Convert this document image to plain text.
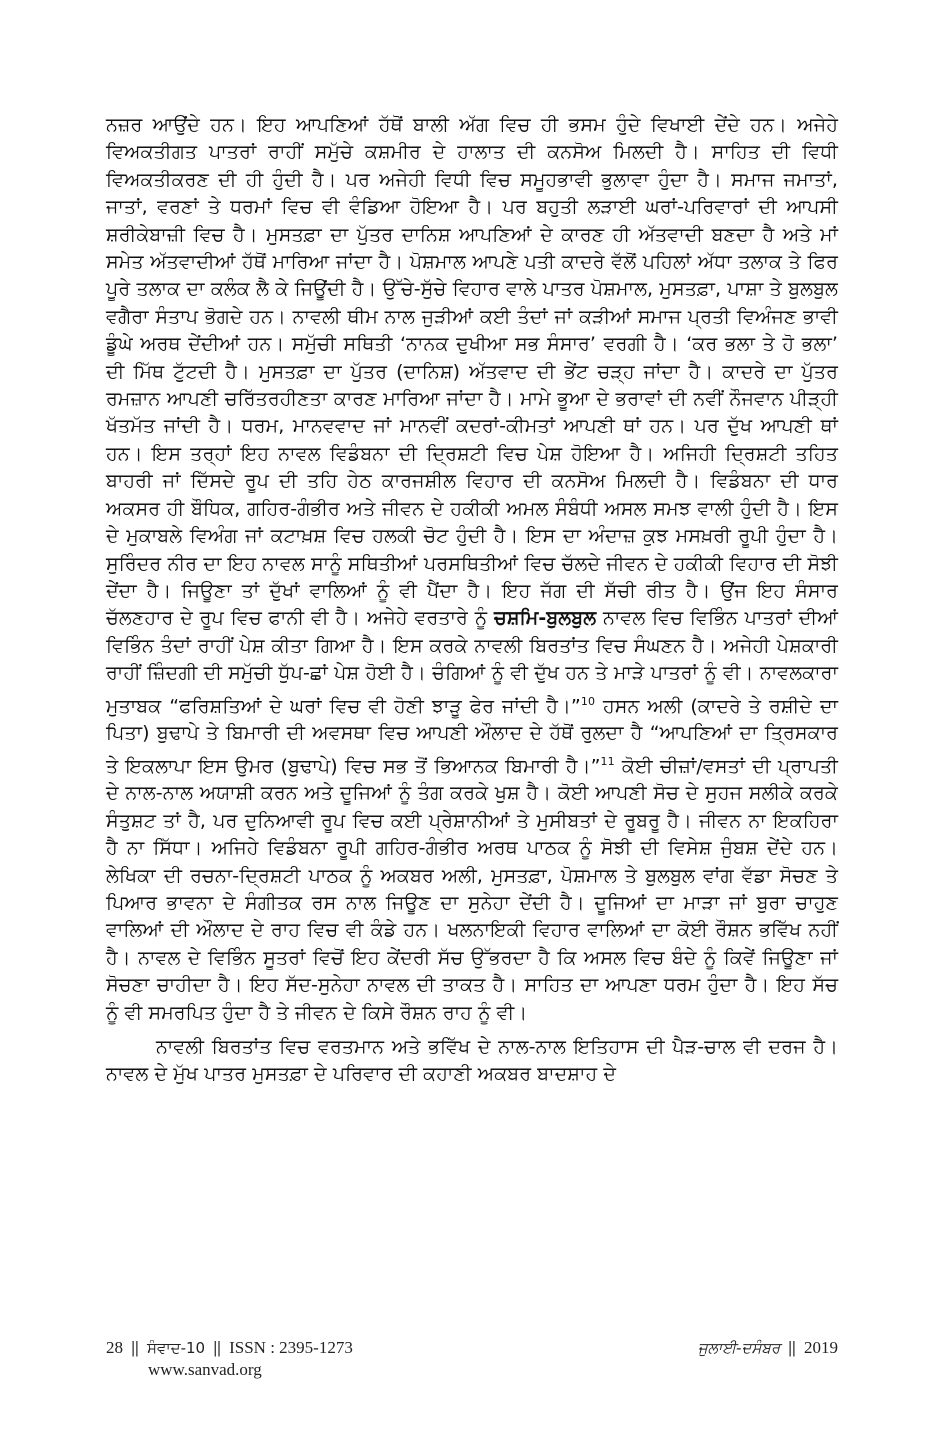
ਨਜ਼ਰ ਆਉਂਦੇ ਹਨ। ਇਹ ਆਪਣਿਆਂ ਹੱਥੋਂ ਬਾਲੀ ਅੱਗ ਵਿਚ ਹੀ ਭਸਮ ਹੁੰਦੇ ਵਿਖਾਈ ਦੇਂਦੇ ਹਨ। ਅਜੇਹੇ ਵਿਅਕਤੀਗਤ ਪਾਤਰਾਂ ਰਾਹੀਂ ਸਮੁੱਚੇ ਕਸ਼ਮੀਰ ਦੇ ਹਾਲਾਤ ਦੀ ਕਨਸੋਅ ਮਿਲਦੀ ਹੈ। ਸਾਹਿਤ ਦੀ ਵਿਧੀ ਵਿਅਕਤੀਕਰਣ ਦੀ ਹੀ ਹੁੰਦੀ ਹੈ। ਪਰ ਅਜੇਹੀ ਵਿਧੀ ਵਿਚ ਸਮੂਹਭਾਵੀ ਭੁਲਾਵਾ ਹੁੰਦਾ ਹੈ। ਸਮਾਜ ਜਮਾਤਾਂ, ਜਾਤਾਂ, ਵਰਣਾਂ ਤੇ ਧਰਮਾਂ ਵਿਚ ਵੀ ਵੰਡਿਆ ਹੋਇਆ ਹੈ। ਪਰ ਬਹੁਤੀ ਲੜਾਈ ਘਰਾਂ-ਪਰਿਵਾਰਾਂ ਦੀ ਆਪਸੀ ਸ਼ਰੀਕੇਬਾਜ਼ੀ ਵਿਚ ਹੈ। ਮੁਸਤਫ਼ਾ ਦਾ ਪੁੱਤਰ ਦਾਨਿਸ਼ ਆਪਣਿਆਂ ਦੇ ਕਾਰਣ ਹੀ ਅੱਤਵਾਦੀ ਬਣਦਾ ਹੈ ਅਤੇ ਮਾਂ ਸਮੇਤ ਅੱਤਵਾਦੀਆਂ ਹੱਥੋਂ ਮਾਰਿਆ ਜਾਂਦਾ ਹੈ। ਪੋਸ਼ਮਾਲ ਆਪਣੇ ਪਤੀ ਕਾਦਰੇ ਵੱਲੋਂ ਪਹਿਲਾਂ ਅੱਧਾ ਤਲਾਕ ਤੇ ਫਿਰ ਪੂਰੇ ਤਲਾਕ ਦਾ ਕਲੰਕ ਲੈ ਕੇ ਜਿਊਂਦੀ ਹੈ। ਉੱਚੇ-ਸੁੱਚੇ ਵਿਹਾਰ ਵਾਲੇ ਪਾਤਰ ਪੋਸ਼ਮਾਲ, ਮੁਸਤਫ਼ਾ, ਪਾਸ਼ਾ ਤੇ ਬੁਲਬੁਲ ਵਗੈਰਾ ਸੰਤਾਪ ਭੋਗਦੇ ਹਨ। ਨਾਵਲੀ ਥੀਮ ਨਾਲ ਜੁੜੀਆਂ ਕਈ ਤੰਦਾਂ ਜਾਂ ਕੜੀਆਂ ਸਮਾਜ ਪ੍ਰਤੀ ਵਿਅੰਜਣ ਭਾਵੀ ਡੂੰਘੇ ਅਰਥ ਦੇਂਦੀਆਂ ਹਨ। ਸਮੁੱਚੀ ਸਥਿਤੀ ‘ਨਾਨਕ ਦੁਖੀਆ ਸਭ ਸੰਸਾਰ’ ਵਰਗੀ ਹੈ। ‘ਕਰ ਭਲਾ ਤੇ ਹੋ ਭਲਾ’ ਦੀ ਮਿੱਥ ਟੁੱਟਦੀ ਹੈ। ਮੁਸਤਫ਼ਾ ਦਾ ਪੁੱਤਰ (ਦਾਨਿਸ਼) ਅੱਤਵਾਦ ਦੀ ਭੇਂਟ ਚੜ੍ਹ ਜਾਂਦਾ ਹੈ। ਕਾਦਰੇ ਦਾ ਪੁੱਤਰ ਰਮਜ਼ਾਨ ਆਪਣੀ ਚਰਿੱਤਰਹੀਣਤਾ ਕਾਰਣ ਮਾਰਿਆ ਜਾਂਦਾ ਹੈ। ਮਾਮੇ ਭੂਆ ਦੇ ਭਰਾਵਾਂ ਦੀ ਨਵੀਂ ਨੌਜਵਾਨ ਪੀੜ੍ਹੀ ਖੱਤਮੱਤ ਜਾਂਦੀ ਹੈ। ਧਰਮ, ਮਾਨਵਵਾਦ ਜਾਂ ਮਾਨਵੀਂ ਕਦਰਾਂ-ਕੀਮਤਾਂ ਆਪਣੀ ਥਾਂ ਹਨ। ਪਰ ਦੁੱਖ ਆਪਣੀ ਥਾਂ ਹਨ। ਇਸ ਤਰ੍ਹਾਂ ਇਹ ਨਾਵਲ ਵਿਡੰਬਨਾ ਦੀ ਦ੍ਰਿਸ਼ਟੀ ਵਿਚ ਪੇਸ਼ ਹੋਇਆ ਹੈ। ਅਜਿਹੀ ਦ੍ਰਿਸ਼ਟੀ ਤਹਿਤ ਬਾਹਰੀ ਜਾਂ ਦਿੱਸਦੇ ਰੂਪ ਦੀ ਤਹਿ ਹੇਠ ਕਾਰਜਸ਼ੀਲ ਵਿਹਾਰ ਦੀ ਕਨਸੋਅ ਮਿਲਦੀ ਹੈ। ਵਿਡੰਬਨਾ ਦੀ ਧਾਰ ਅਕਸਰ ਹੀ ਬੌਧਿਕ, ਗਹਿਰ-ਗੰਭੀਰ ਅਤੇ ਜੀਵਨ ਦੇ ਹਕੀਕੀ ਅਮਲ ਸੰਬੰਧੀ ਅਸਲ ਸਮਝ ਵਾਲੀ ਹੁੰਦੀ ਹੈ। ਇਸ ਦੇ ਮੁਕਾਬਲੇ ਵਿਅੰਗ ਜਾਂ ਕਟਾਖ਼ਸ਼ ਵਿਚ ਹਲਕੀ ਚੋਟ ਹੁੰਦੀ ਹੈ। ਇਸ ਦਾ ਅੰਦਾਜ਼ ਕੁਝ ਮਸਖ਼ਰੀ ਰੂਪੀ ਹੁੰਦਾ ਹੈ। ਸੁਰਿੰਦਰ ਨੀਰ ਦਾ ਇਹ ਨਾਵਲ ਸਾਨੂੰ ਸਥਿਤੀਆਂ ਪਰਸਥਿਤੀਆਂ ਵਿਚ ਚੱਲਦੇ ਜੀਵਨ ਦੇ ਹਕੀਕੀ ਵਿਹਾਰ ਦੀ ਸੋਝੀ ਦੇਂਦਾ ਹੈ। ਜਿਊਣਾ ਤਾਂ ਦੁੱਖਾਂ ਵਾਲਿਆਂ ਨੂੰ ਵੀ ਪੈਂਦਾ ਹੈ। ਇਹ ਜੱਗ ਦੀ ਸੱਚੀ ਰੀਤ ਹੈ। ਉਂਜ ਇਹ ਸੰਸਾਰ ਚੱਲਣਹਾਰ ਦੇ ਰੂਪ ਵਿਚ ਫਾਨੀ ਵੀ ਹੈ। ਅਜੇਹੇ ਵਰਤਾਰੇ ਨੂੰ ਚਸ਼ਮਿ-ਬੁਲਬੁਲ ਨਾਵਲ ਵਿਚ ਵਿਭਿੰਨ ਪਾਤਰਾਂ ਦੀਆਂ ਵਿਭਿੰਨ ਤੰਦਾਂ ਰਾਹੀਂ ਪੇਸ਼ ਕੀਤਾ ਗਿਆ ਹੈ। ਇਸ ਕਰਕੇ ਨਾਵਲੀ ਬਿਰਤਾਂਤ ਵਿਚ ਸੰਘਣਨ ਹੈ। ਅਜੇਹੀ ਪੇਸ਼ਕਾਰੀ ਰਾਹੀਂ ਜ਼ਿੰਦਗੀ ਦੀ ਸਮੁੱਚੀ ਧੁੱਪ-ਛਾਂ ਪੇਸ਼ ਹੋਈ ਹੈ। ਚੰਗਿਆਂ ਨੂੰ ਵੀ ਦੁੱਖ ਹਨ ਤੇ ਮਾੜੇ ਪਾਤਰਾਂ ਨੂੰ ਵੀ। ਨਾਵਲਕਾਰਾ ਮੁਤਾਬਕ “ਫਰਿਸ਼ਤਿਆਂ ਦੇ ਘਰਾਂ ਵਿਚ ਵੀ ਹੋਣੀ ਝਾੜੂ ਫੇਰ ਜਾਂਦੀ ਹੈ।”$^{10}$ ਹਸਨ ਅਲੀ (ਕਾਦਰੇ ਤੇ ਰਸ਼ੀਦੇ ਦਾ ਪਿਤਾ) ਬੁਢਾਪੇ ਤੇ ਬਿਮਾਰੀ ਦੀ ਅਵਸਥਾ ਵਿਚ ਆਪਣੀ ਔਲਾਦ ਦੇ ਹੱਥੋਂ ਰੁਲਦਾ ਹੈ “ਆਪਣਿਆਂ ਦਾ ਤ੍ਰਿਸਕਾਰ ਤੇ ਇਕਲਾਪਾ ਇਸ ਉਮਰ (ਬੁਢਾਪੇ) ਵਿਚ ਸਭ ਤੋਂ ਭਿਆਨਕ ਬਿਮਾਰੀ ਹੈ।”$^{11}$ ਕੋਈ ਚੀਜ਼ਾਂ/ਵਸਤਾਂ ਦੀ ਪ੍ਰਾਪਤੀ ਦੇ ਨਾਲ-ਨਾਲ ਅਯਾਸ਼ੀ ਕਰਨ ਅਤੇ ਦੂਜਿਆਂ ਨੂੰ ਤੰਗ ਕਰਕੇ ਖੁਸ਼ ਹੈ। ਕੋਈ ਆਪਣੀ ਸੋਚ ਦੇ ਸੁਹਜ ਸਲੀਕੇ ਕਰਕੇ ਸੰਤੁਸ਼ਟ ਤਾਂ ਹੈ, ਪਰ ਦੁਨਿਆਵੀ ਰੂਪ ਵਿਚ ਕਈ ਪ੍ਰੇਸ਼ਾਨੀਆਂ ਤੇ ਮੁਸੀਬਤਾਂ ਦੇ ਰੂਬਰੂ ਹੈ। ਜੀਵਨ ਨਾ ਇਕਹਿਰਾ ਹੈ ਨਾ ਸਿੱਧਾ। ਅਜਿਹੇ ਵਿਡੰਬਨਾ ਰੂਪੀ ਗਹਿਰ-ਗੰਭੀਰ ਅਰਥ ਪਾਠਕ ਨੂੰ ਸੋਝੀ ਦੀ ਵਿਸੇਸ਼ ਜੁੰਬਸ਼ ਦੇਂਦੇ ਹਨ। ਲੇਖਿਕਾ ਦੀ ਰਚਨਾ-ਦ੍ਰਿਸ਼ਟੀ ਪਾਠਕ ਨੂੰ ਅਕਬਰ ਅਲੀ, ਮੁਸਤਫ਼ਾ, ਪੋਸ਼ਮਾਲ ਤੇ ਬੁਲਬੁਲ ਵਾਂਗ ਵੱਡਾ ਸੋਚਣ ਤੇ ਪਿਆਰ ਭਾਵਨਾ ਦੇ ਸੰਗੀਤਕ ਰਸ ਨਾਲ ਜਿਊਣ ਦਾ ਸੁਨੇਹਾ ਦੇਂਦੀ ਹੈ। ਦੂਜਿਆਂ ਦਾ ਮਾੜਾ ਜਾਂ ਬੁਰਾ ਚਾਹੁਣ ਵਾਲਿਆਂ ਦੀ ਔਲਾਦ ਦੇ ਰਾਹ ਵਿਚ ਵੀ ਕੰਡੇ ਹਨ। ਖਲਨਾਇਕੀ ਵਿਹਾਰ ਵਾਲਿਆਂ ਦਾ ਕੋਈ ਰੌਸ਼ਨ ਭਵਿੱਖ ਨਹੀਂ ਹੈ। ਨਾਵਲ ਦੇ ਵਿਭਿੰਨ ਸੂਤਰਾਂ ਵਿਚੋਂ ਇਹ ਕੇਂਦਰੀ ਸੱਚ ਉੱਭਰਦਾ ਹੈ ਕਿ ਅਸਲ ਵਿਚ ਬੰਦੇ ਨੂੰ ਕਿਵੇਂ ਜਿਊਣਾ ਜਾਂ ਸੋਚਣਾ ਚਾਹੀਦਾ ਹੈ। ਇਹ ਸੱਦ-ਸੁਨੇਹਾ ਨਾਵਲ ਦੀ ਤਾਕਤ ਹੈ। ਸਾਹਿਤ ਦਾ ਆਪਣਾ ਧਰਮ ਹੁੰਦਾ ਹੈ। ਇਹ ਸੱਚ ਨੂੰ ਵੀ ਸਮਰਪਿਤ ਹੁੰਦਾ ਹੈ ਤੇ ਜੀਵਨ ਦੇ ਕਿਸੇ ਰੌਸ਼ਨ ਰਾਹ ਨੂੰ ਵੀ।

ਨਾਵਲੀ ਬਿਰਤਾਂਤ ਵਿਚ ਵਰਤਮਾਨ ਅਤੇ ਭਵਿੱਖ ਦੇ ਨਾਲ-ਨਾਲ ਇਤਿਹਾਸ ਦੀ ਪੈੜ-ਚਾਲ ਵੀ ਦਰਜ ਹੈ। ਨਾਵਲ ਦੇ ਮੁੱਖ ਪਾਤਰ ਮੁਸਤਫ਼ਾ ਦੇ ਪਰਿਵਾਰ ਦੀ ਕਹਾਣੀ ਅਕਬਰ ਬਾਦਸ਼ਾਹ ਦੇ

28 || ਸੰਵਾਦ-10 || ISSN : 2395-1273	ਜੁਲਾਈ-ਦਸੰਬਰ || 2019
www.sanvad.org
